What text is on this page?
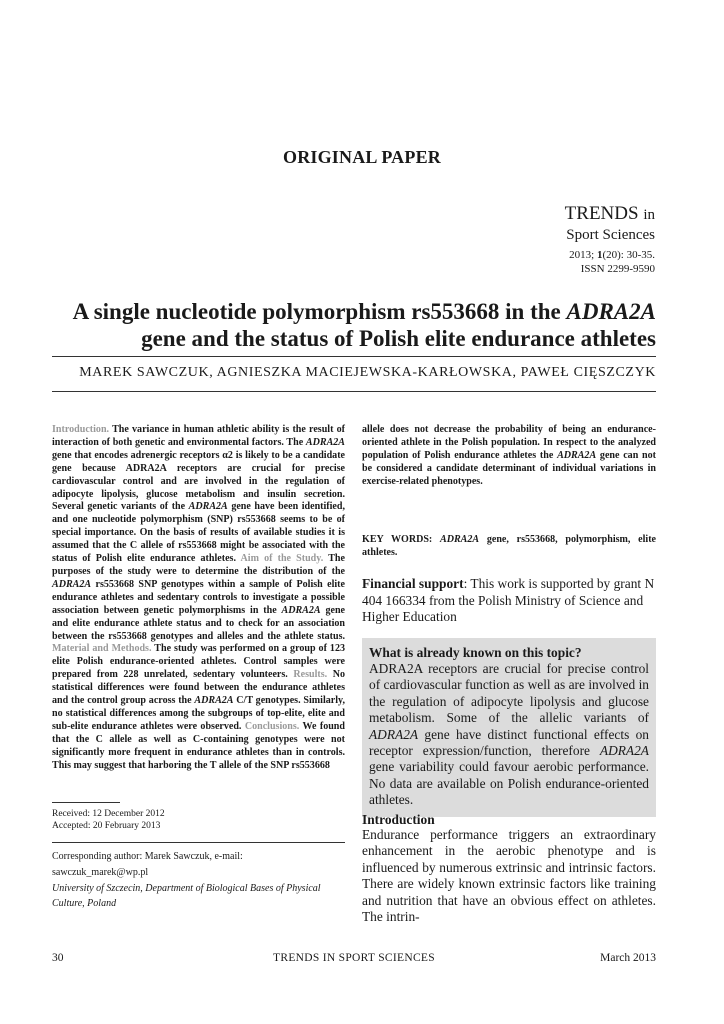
ORIGINAL PAPER
TRENDS in
Sport Sciences
2013; 1(20): 30-35.
ISSN 2299-9590
A single nucleotide polymorphism rs553668 in the ADRA2A
gene and the status of Polish elite endurance athletes
MAREK SAWCZUK, AGNIESZKA MACIEJEWSKA-KARŁOWSKA, PAWEŁ CIĘSZCZYK
Introduction. The variance in human athletic ability is the result of interaction of both genetic and environmental factors. The ADRA2A gene that encodes adrenergic receptors α2 is likely to be a candidate gene because ADRA2A receptors are crucial for precise cardiovascular control and are involved in the regulation of adipocyte lipolysis, glucose metabolism and insulin secretion. Several genetic variants of the ADRA2A gene have been identified, and one nucleotide polymorphism (SNP) rs553668 seems to be of special importance. On the basis of results of available studies it is assumed that the C allele of rs553668 might be associated with the status of Polish elite endurance athletes. Aim of the Study. The purposes of the study were to determine the distribution of the ADRA2A rs553668 SNP genotypes within a sample of Polish elite endurance athletes and sedentary controls to investigate a possible association between genetic polymorphisms in the ADRA2A gene and elite endurance athlete status and to check for an association between the rs553668 genotypes and alleles and the athlete status. Material and Methods. The study was performed on a group of 123 elite Polish endurance-oriented athletes. Control samples were prepared from 228 unrelated, sedentary volunteers. Results. No statistical differences were found between the endurance athletes and the control group across the ADRA2A C/T genotypes. Similarly, no statistical differences among the subgroups of top-elite, elite and sub-elite endurance athletes were observed. Conclusions. We found that the C allele as well as C-containing genotypes were not significantly more frequent in endurance athletes than in controls. This may suggest that harboring the T allele of the SNP rs553668
allele does not decrease the probability of being an endurance-oriented athlete in the Polish population. In respect to the analyzed population of Polish endurance athletes the ADRA2A gene can not be considered a candidate determinant of individual variations in exercise-related phenotypes.
KEY WORDS: ADRA2A gene, rs553668, polymorphism, elite athletes.
Financial support: This work is supported by grant N 404 166334 from the Polish Ministry of Science and Higher Education
What is already known on this topic?
ADRA2A receptors are crucial for precise control of cardiovascular function as well as are involved in the regulation of adipocyte lipolysis and glucose metabolism. Some of the allelic variants of ADRA2A gene have distinct functional effects on receptor expression/function, therefore ADRA2A gene variability could favour aerobic performance. No data are available on Polish endurance-oriented athletes.
Introduction
Endurance performance triggers an extraordinary enhancement in the aerobic phenotype and is influenced by numerous extrinsic and intrinsic factors. There are widely known extrinsic factors like training and nutrition that have an obvious effect on athletes. The intrin-
Received: 12 December 2012
Accepted: 20 February 2013
Corresponding author: Marek Sawczuk, e-mail:
sawczuk_marek@wp.pl
University of Szczecin, Department of Biological Bases of Physical Culture, Poland
30	TRENDS IN SPORT SCIENCES	March 2013
